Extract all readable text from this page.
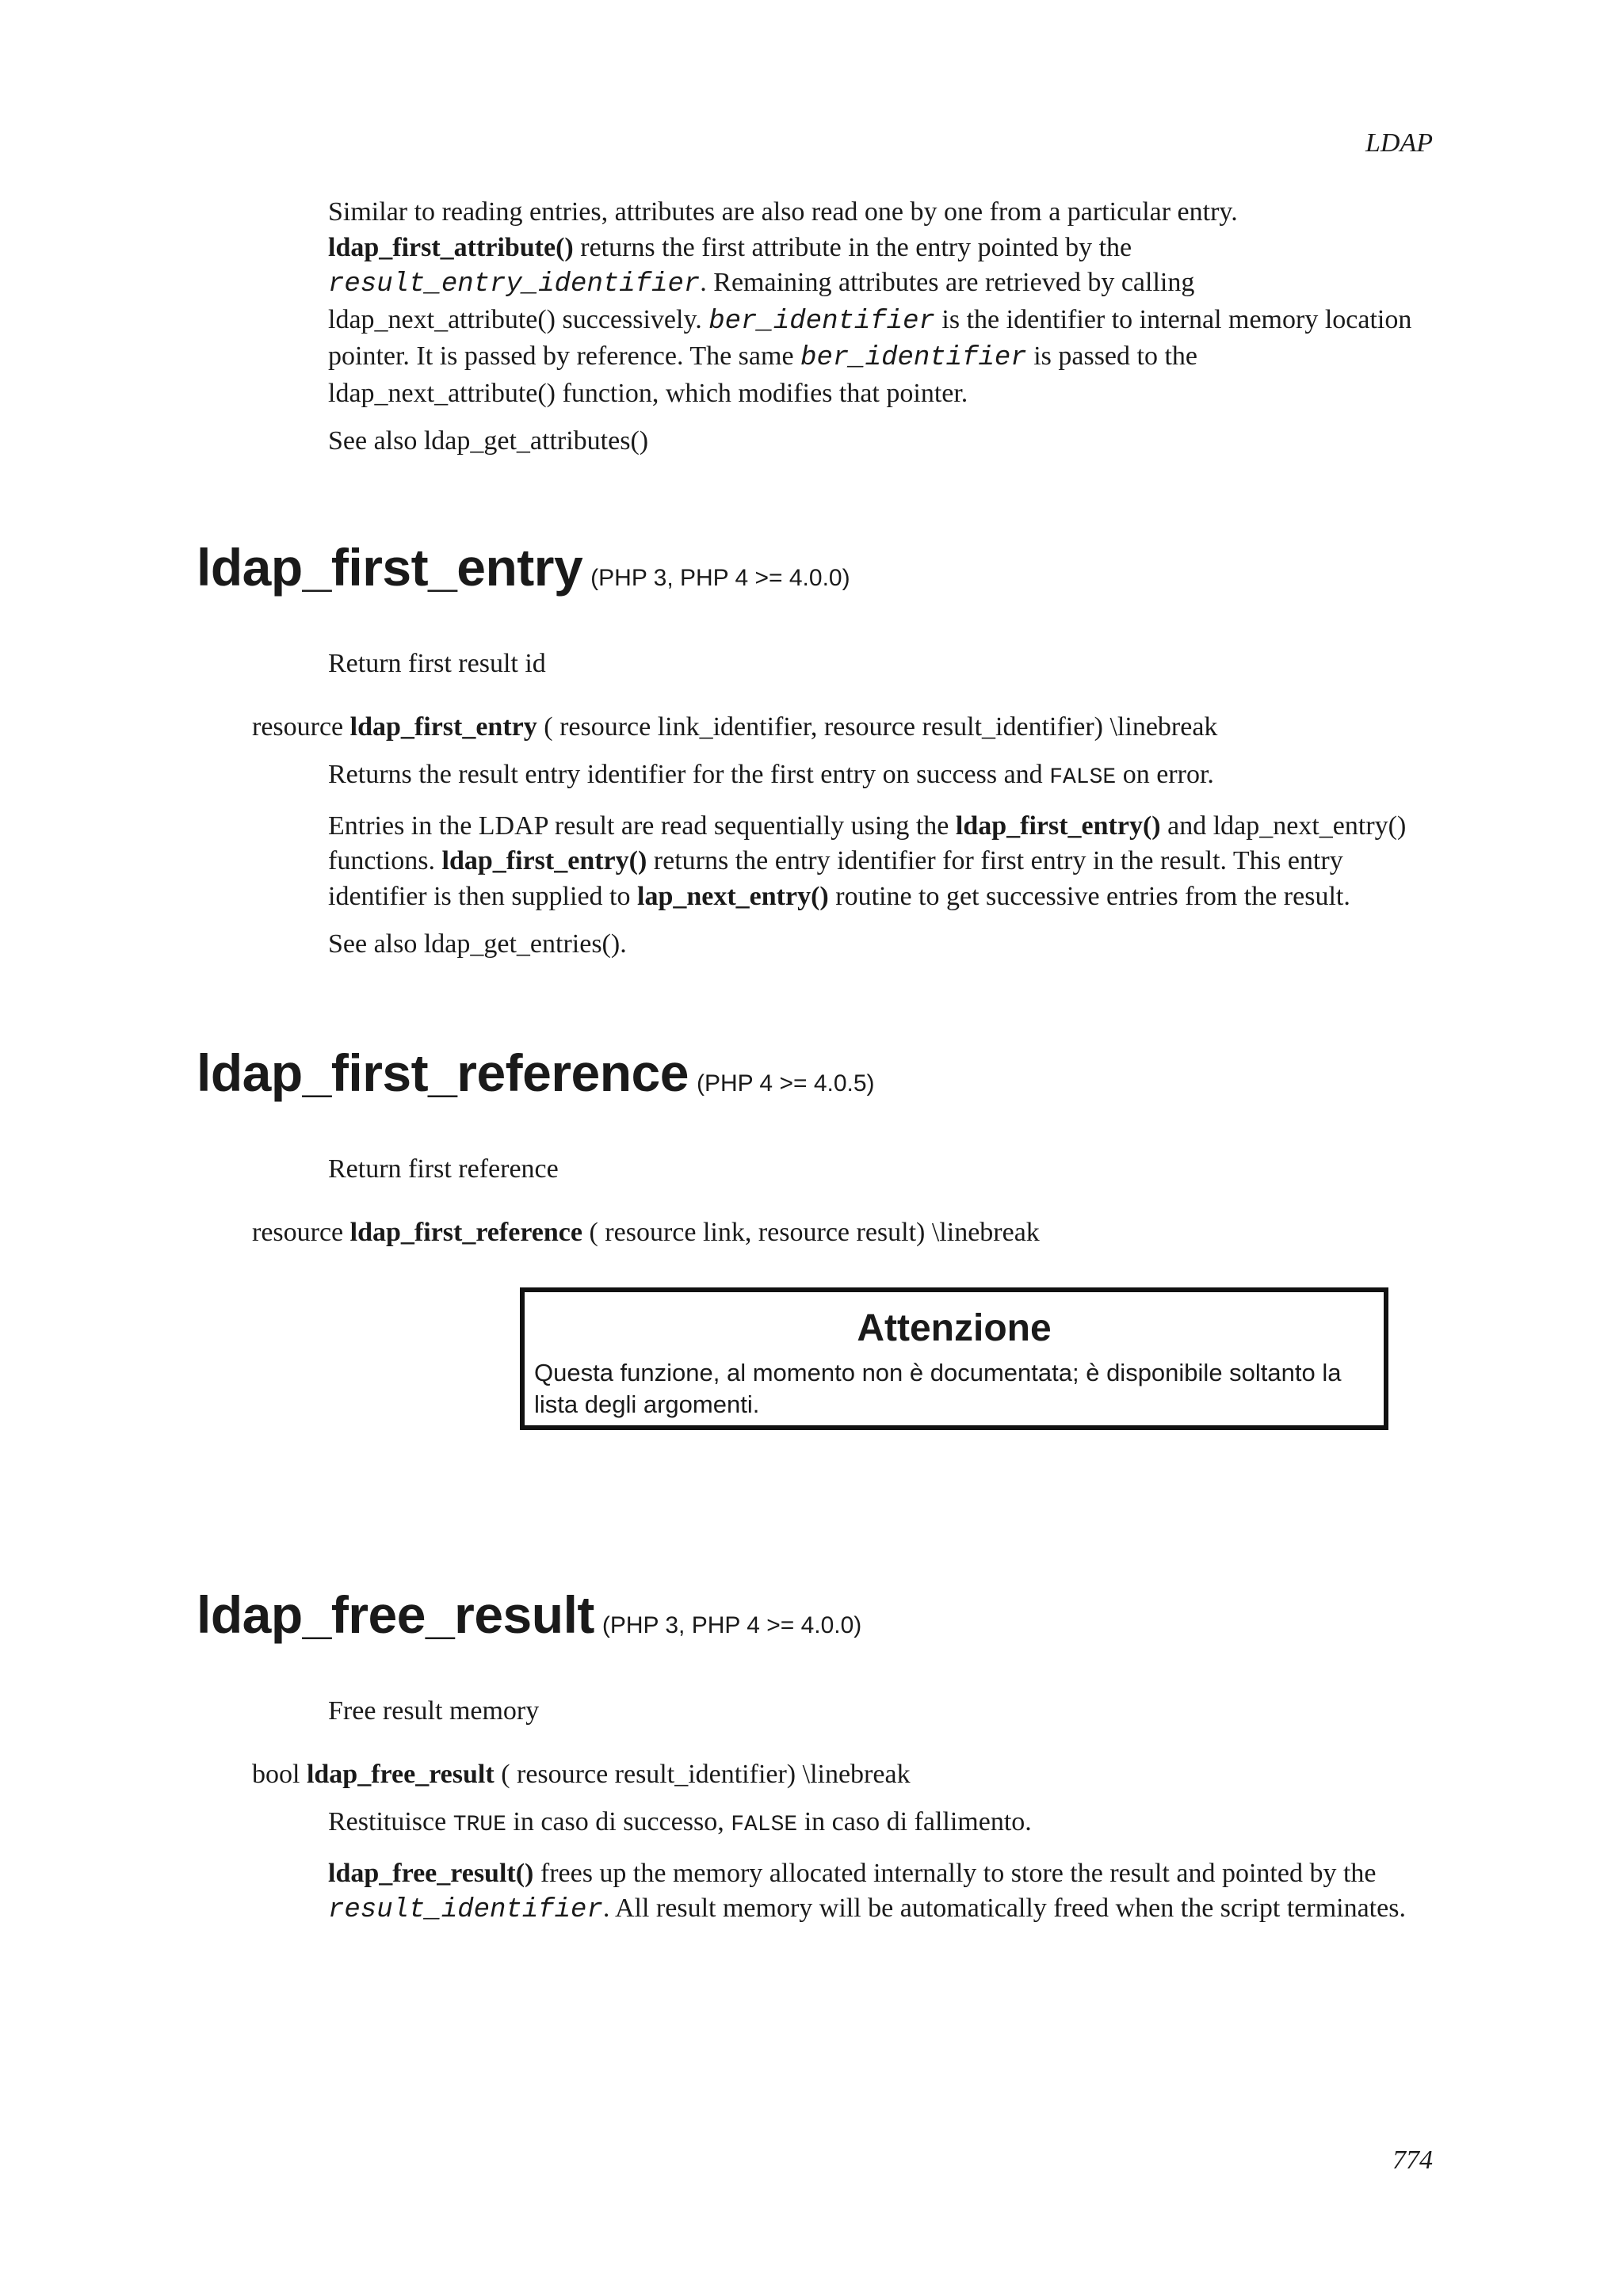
LDAP

Similar to reading entries, attributes are also read one by one from a particular entry.
ldap_first_attribute() returns the first attribute in the entry pointed by the
result_entry_identifier. Remaining attributes are retrieved by calling
ldap_next_attribute() successively. ber_identifier is the identifier to internal memory location
pointer. It is passed by reference. The same ber_identifier is passed to the
ldap_next_attribute() function, which modifies that pointer.

See also ldap_get_attributes()

ldap_first_entry (PHP 3, PHP 4 >= 4.0.0)

Return first result id

resource ldap_first_entry ( resource link_identifier, resource result_identifier) \linebreak

Returns the result entry identifier for the first entry on success and FALSE on error.

Entries in the LDAP result are read sequentially using the ldap_first_entry() and ldap_next_entry()
functions. ldap_first_entry() returns the entry identifier for first entry in the result. This entry
identifier is then supplied to lap_next_entry() routine to get successive entries from the result.

See also ldap_get_entries().

ldap_first_reference (PHP 4 >= 4.0.5)

Return first reference

resource ldap_first_reference ( resource link, resource result) \linebreak
Attenzione
Questa funzione, al momento non è documentata; è disponibile soltanto la lista degli argomenti.
ldap_free_result (PHP 3, PHP 4 >= 4.0.0)

Free result memory

bool ldap_free_result ( resource result_identifier) \linebreak

Restituisce TRUE in caso di successo, FALSE in caso di fallimento.

ldap_free_result() frees up the memory allocated internally to store the result and pointed by the
result_identifier. All result memory will be automatically freed when the script terminates.

774
